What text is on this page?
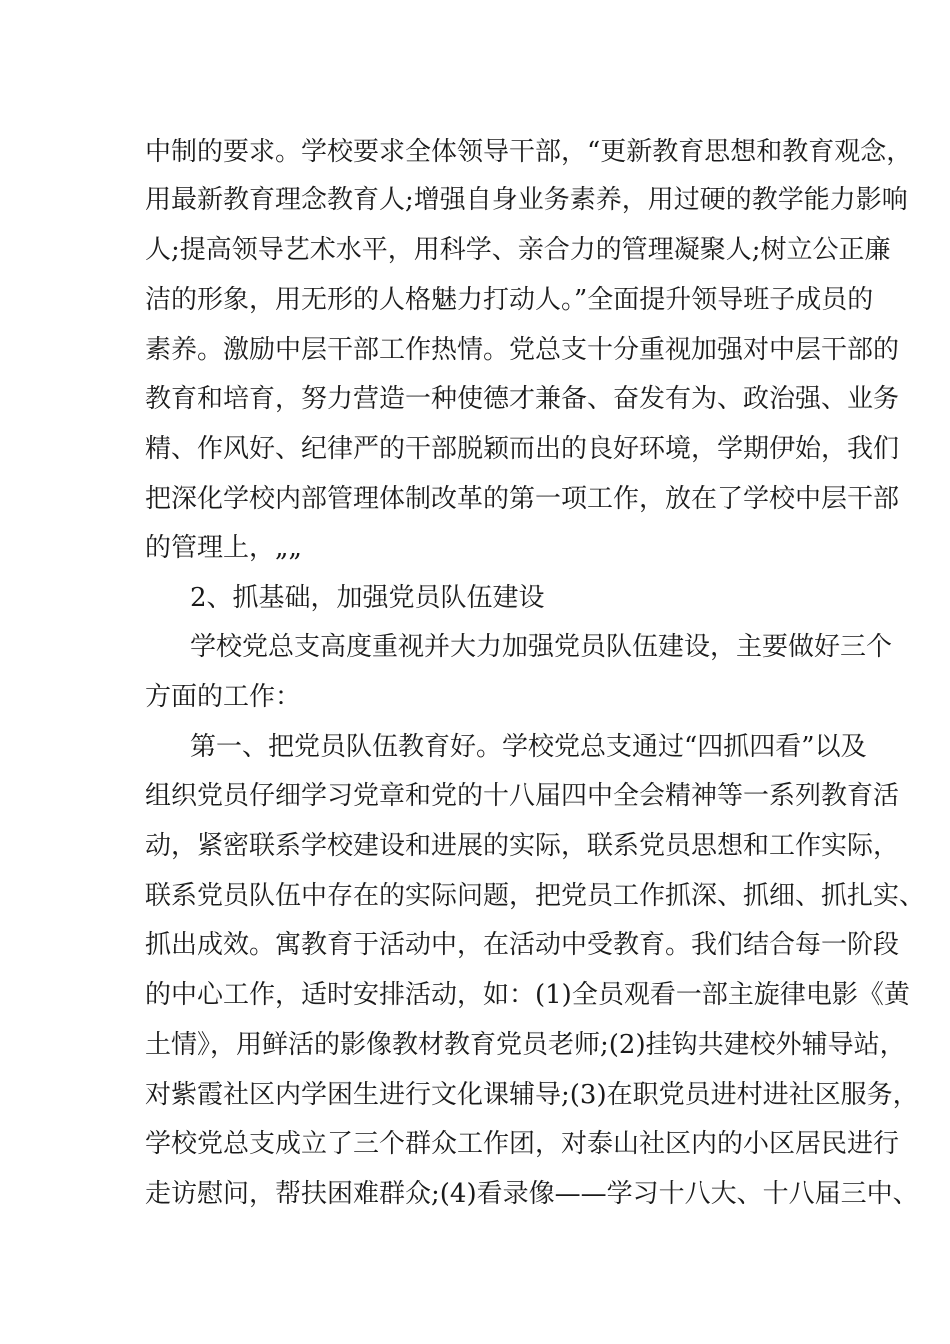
中制的要求。学校要求全体领导干部，“更新教育思想和教育观念，

用最新教育理念教育人;增强自身业务素养，用过硬的教学能力影响

人;提高领导艺术水平，用科学、亲合力的管理凝聚人;树立公正廉

洁的形象，用无形的人格魅力打动人。”全面提升领导班子成员的

素养。激励中层干部工作热情。党总支十分重视加强对中层干部的

教育和培育，努力营造一种使德才兼备、奋发有为、政治强、业务

精、作风好、纪律严的干部脱颖而出的良好环境，学期伊始，我们

把深化学校内部管理体制改革的第一项工作，放在了学校中层干部

的管理上，„„

2、抓基础，加强党员队伍建设

学校党总支高度重视并大力加强党员队伍建设，主要做好三个

方面的工作：

第一、把党员队伍教育好。学校党总支通过“四抓四看”以及

组织党员仔细学习党章和党的十八届四中全会精神等一系列教育活

动，紧密联系学校建设和进展的实际，联系党员思想和工作实际，

联系党员队伍中存在的实际问题，把党员工作抓深、抓细、抓扎实、

抓出成效。寓教育于活动中，在活动中受教育。我们结合每一阶段

的中心工作，适时安排活动，如：(1)全员观看一部主旋律电影《黄

土情》，用鲜活的影像教材教育党员老师;(2)挂钩共建校外辅导站，

对紫霞社区内学困生进行文化课辅导;(3)在职党员进村进社区服务，

学校党总支成立了三个群众工作团，对泰山社区内的小区居民进行

走访慰问，帮扶困难群众;(4)看录像——学习十八大、十八届三中、
